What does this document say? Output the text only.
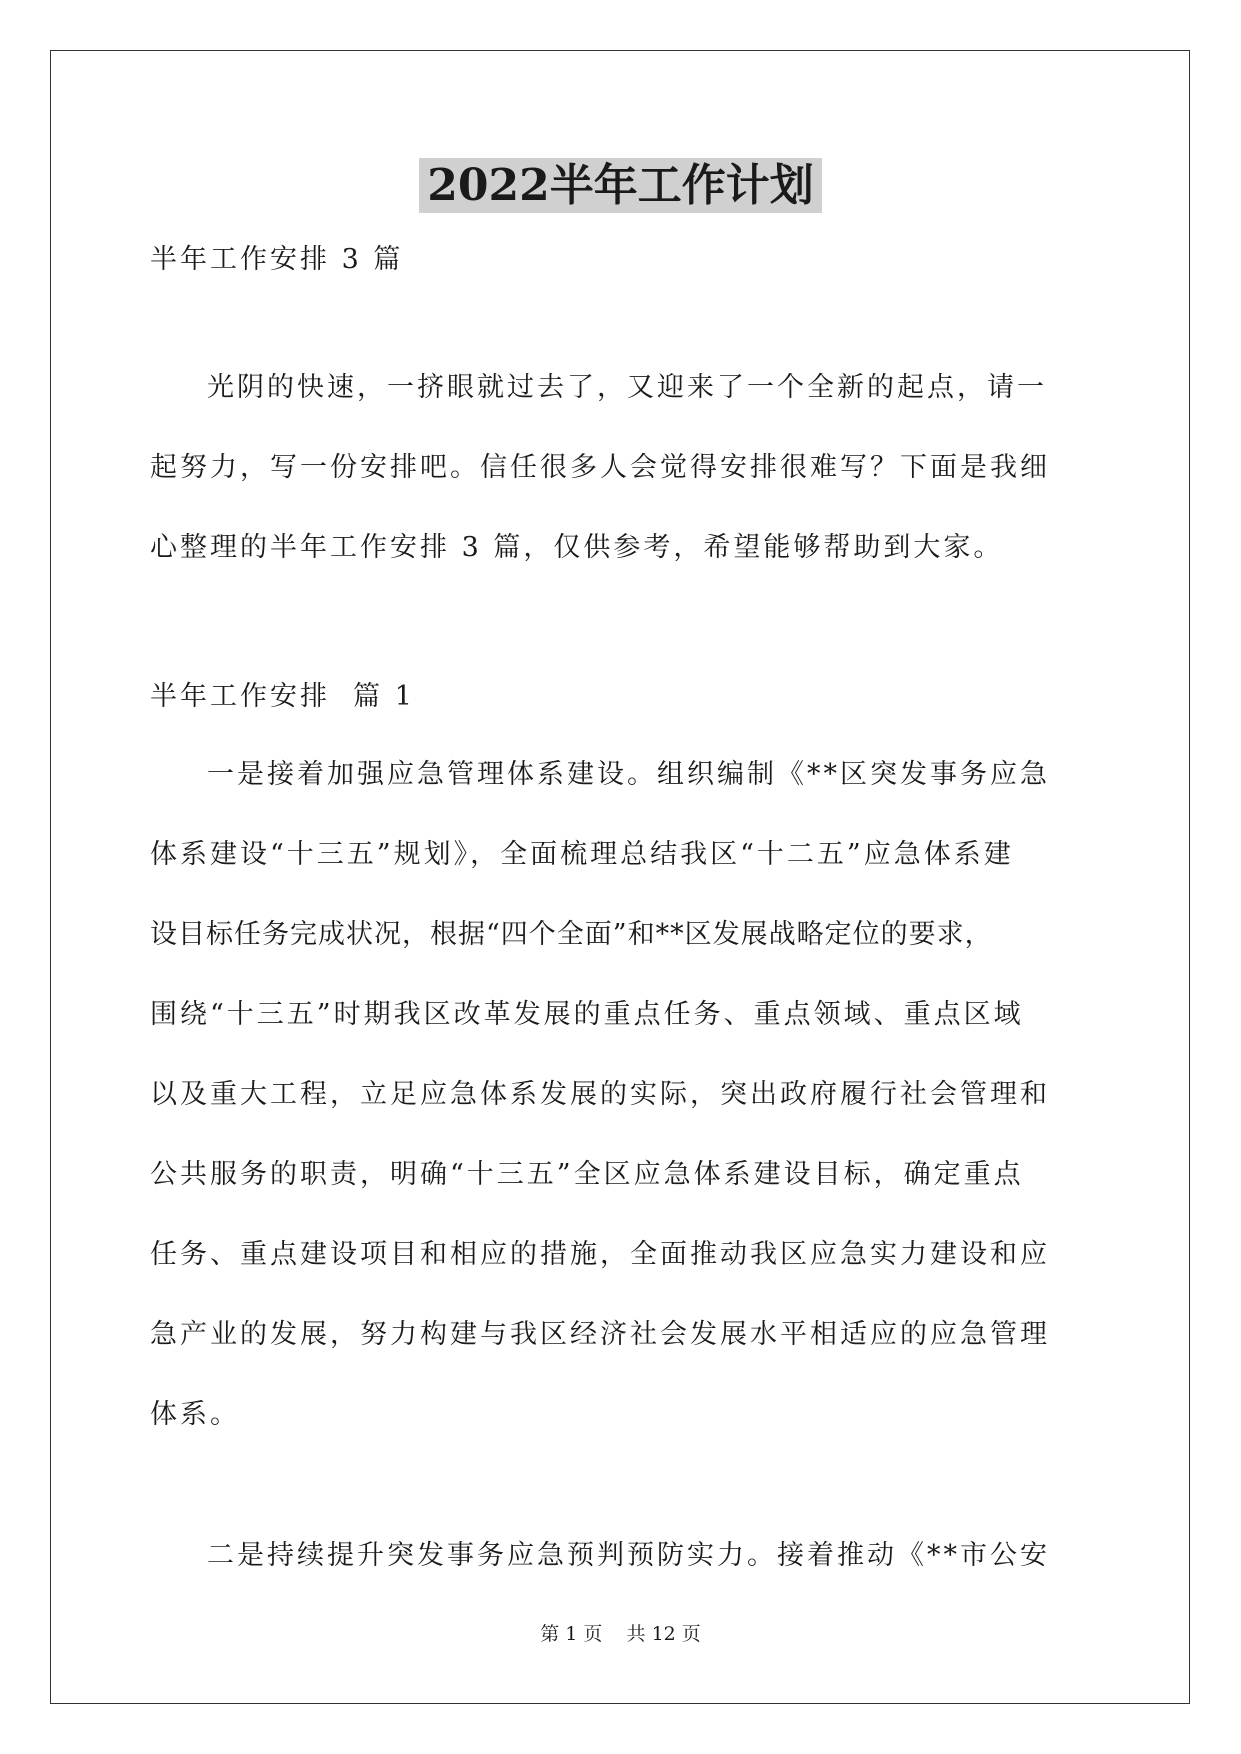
2022半年工作计划

半年工作安排 3 篇

光阴的快速，一挤眼就过去了，又迎来了一个全新的起点，请一
起努力，写一份安排吧。信任很多人会觉得安排很难写？下面是我细
心整理的半年工作安排 3 篇，仅供参考，希望能够帮助到大家。

半年工作安排  篇 1

一是接着加强应急管理体系建设。组织编制《**区突发事务应急
体系建设“十三五”规划》，全面梳理总结我区“十二五”应急体系建
设目标任务完成状况，根据“四个全面”和**区发展战略定位的要求，
围绕“十三五”时期我区改革发展的重点任务、重点领域、重点区域
以及重大工程，立足应急体系发展的实际，突出政府履行社会管理和
公共服务的职责，明确“十三五”全区应急体系建设目标，确定重点
任务、重点建设项目和相应的措施，全面推动我区应急实力建设和应
急产业的发展，努力构建与我区经济社会发展水平相适应的应急管理
体系。

二是持续提升突发事务应急预判预防实力。接着推动《**市公安

第 1 页    共 12 页
